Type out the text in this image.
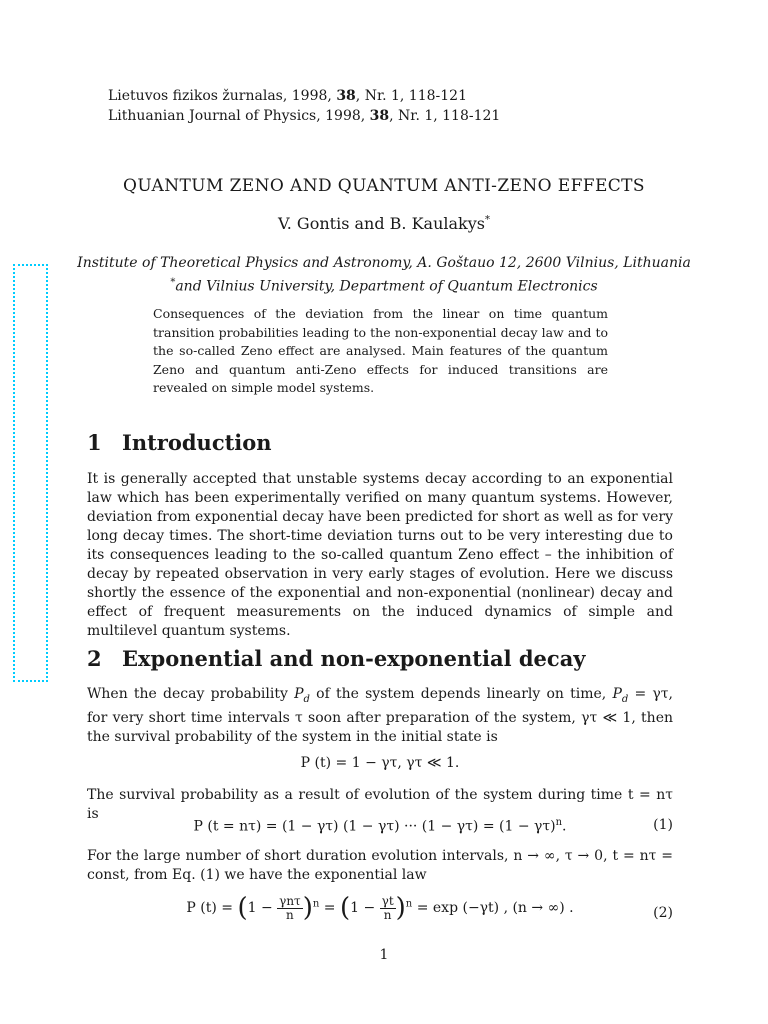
Lietuvos fizikos žurnalas, 1998, 38, Nr. 1, 118-121
Lithuanian Journal of Physics, 1998, 38, Nr. 1, 118-121
QUANTUM ZENO AND QUANTUM ANTI-ZENO EFFECTS
V. Gontis and B. Kaulakys*
Institute of Theoretical Physics and Astronomy, A. Goštauo 12, 2600 Vilnius, Lithuania
*and Vilnius University, Department of Quantum Electronics
Consequences of the deviation from the linear on time quantum transition probabilities leading to the non-exponential decay law and to the so-called Zeno effect are analysed. Main features of the quantum Zeno and quantum anti-Zeno effects for induced transitions are revealed on simple model systems.
1 Introduction
It is generally accepted that unstable systems decay according to an exponential law which has been experimentally verified on many quantum systems. However, deviation from exponential decay have been predicted for short as well as for very long decay times. The short-time deviation turns out to be very interesting due to its consequences leading to the so-called quantum Zeno effect – the inhibition of decay by repeated observation in very early stages of evolution. Here we discuss shortly the essence of the exponential and non-exponential (nonlinear) decay and effect of frequent measurements on the induced dynamics of simple and multilevel quantum systems.
2 Exponential and non-exponential decay
When the decay probability $P_d$ of the system depends linearly on time, $P_d = \gamma\tau$, for very short time intervals τ soon after preparation of the system, γτ ≪ 1, then the survival probability of the system in the initial state is
P (t) = 1 − γτ, γτ ≪ 1.
The survival probability as a result of evolution of the system during time t = nτ is
P (t = nτ) = (1 − γτ) (1 − γτ) ··· $(1 - \gamma\tau) = (1 - \gamma\tau)^n$.	(1)
For the large number of short duration evolution intervals, n → ∞, τ → 0, t = nτ = const, from Eq. (1) we have the exponential law
P $(t) = (1 - \frac{\text{γnτ}}{n} )^n = (1 - \frac{\gamma t}{n} )^n = \exp (-\gamma t)$ , (n → ∞) .	(2)
1
